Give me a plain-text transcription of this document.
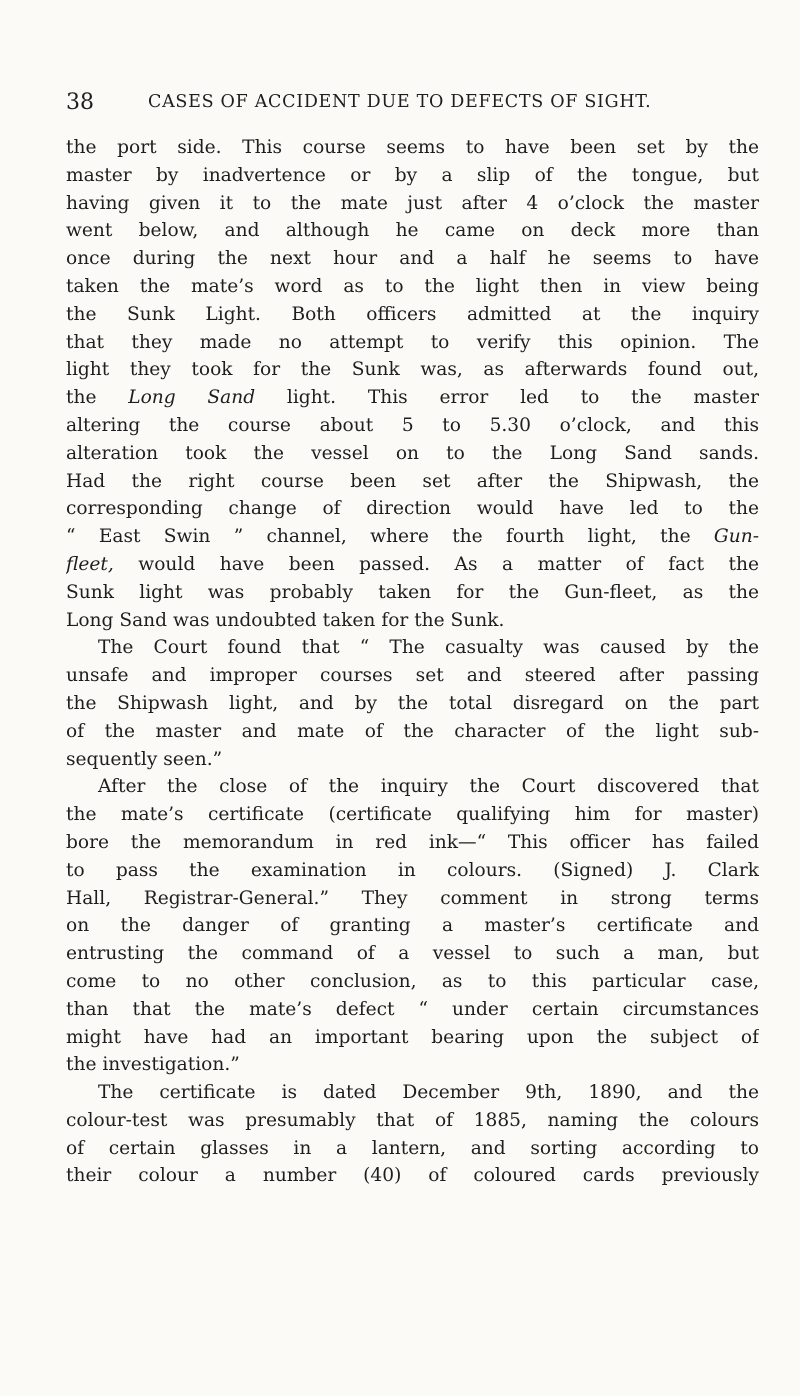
38	CASES OF ACCIDENT DUE TO DEFECTS OF SIGHT.
the port side. This course seems to have been set by the
master by inadvertence or by a slip of the tongue, but
having given it to the mate just after 4 o’clock the master
went below, and although he came on deck more than
once during the next hour and a half he seems to have
taken the mate’s word as to the light then in view being
the Sunk Light. Both officers admitted at the inquiry
that they made no attempt to verify this opinion. The
light they took for the Sunk was, as afterwards found out,
the Long Sand light. This error led to the master
altering the course about 5 to 5.30 o’clock, and this
alteration took the vessel on to the Long Sand sands.
Had the right course been set after the Shipwash, the
corresponding change of direction would have led to the
“ East Swin ” channel, where the fourth light, the Gun-
fleet, would have been passed. As a matter of fact the
Sunk light was probably taken for the Gun-fleet, as the
Long Sand was undoubted taken for the Sunk.
The Court found that “ The casualty was caused by the
unsafe and improper courses set and steered after passing
the Shipwash light, and by the total disregard on the part
of the master and mate of the character of the light sub-
sequently seen.”
After the close of the inquiry the Court discovered that
the mate’s certificate (certificate qualifying him for master)
bore the memorandum in red ink—“ This officer has failed
to pass the examination in colours. (Signed) J. Clark
Hall, Registrar-General.” They comment in strong terms
on the danger of granting a master’s certificate and
entrusting the command of a vessel to such a man, but
come to no other conclusion, as to this particular case,
than that the mate’s defect “ under certain circumstances
might have had an important bearing upon the subject of
the investigation.”
The certificate is dated December 9th, 1890, and the
colour-test was presumably that of 1885, naming the colours
of certain glasses in a lantern, and sorting according to
their colour a number (40) of coloured cards previously
